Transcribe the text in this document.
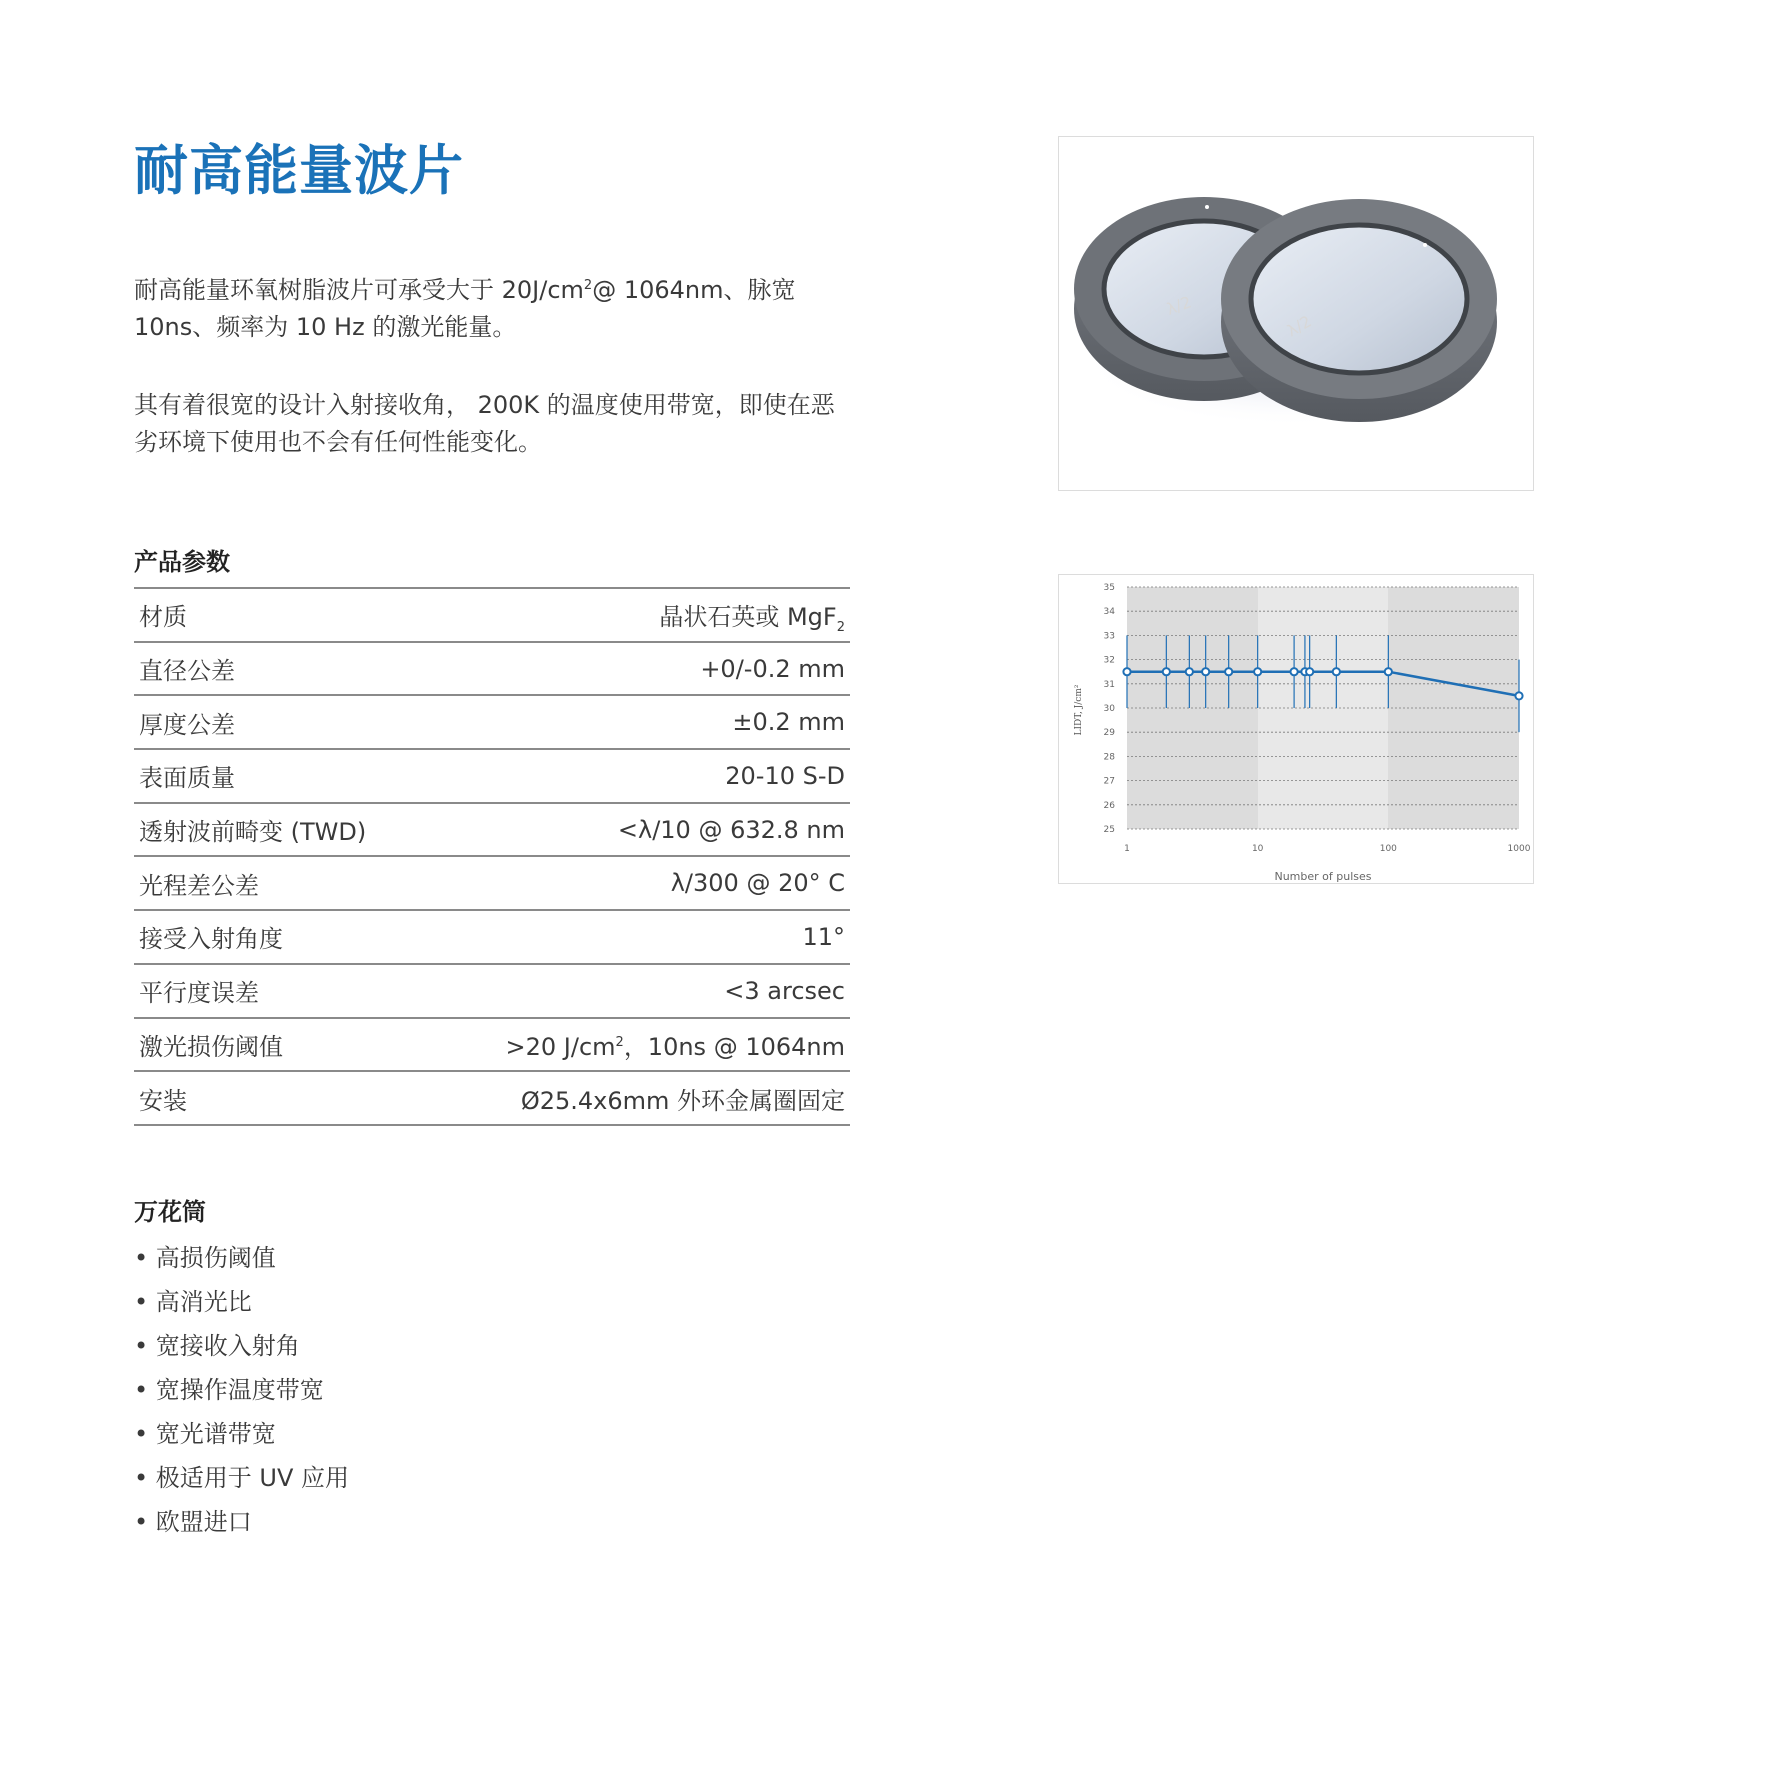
耐高能量波片

耐高能量环氧树脂波片可承受大于 $20J/cm^2@$ 1064nm、脉宽 10ns、频率为 10 Hz 的激光能量。

其有着很宽的设计入射接收角， 200K 的温度使用带宽，即使在恶劣环境下使用也不会有任何性能变化。

λ/2
λ/2
25
26
27
28
29
30
31
32
33
34
35
1	10	100	1000
Number of pulses
LIDT, J/cm²
产品参数
材质	晶状石英或 MgF$_2$
直径公差	+0/-0.2 mm
厚度公差	±0.2 mm
表面质量	20-10 S-D
透射波前畸变 (TWD)	<λ/10 @ 632.8 nm
光程差公差	λ/300 @ 20° C
接受入射角度	11°
平行度误差	<3 arcsec
激光损伤阈值	>20 $J/cm^2$，10ns @ 1064nm
安装	Ø25.4x6mm 外环金属圈固定
万花筒
• 高损伤阈值
• 高消光比
• 宽接收入射角
• 宽操作温度带宽
• 宽光谱带宽
• 极适用于 UV 应用
• 欧盟进口
